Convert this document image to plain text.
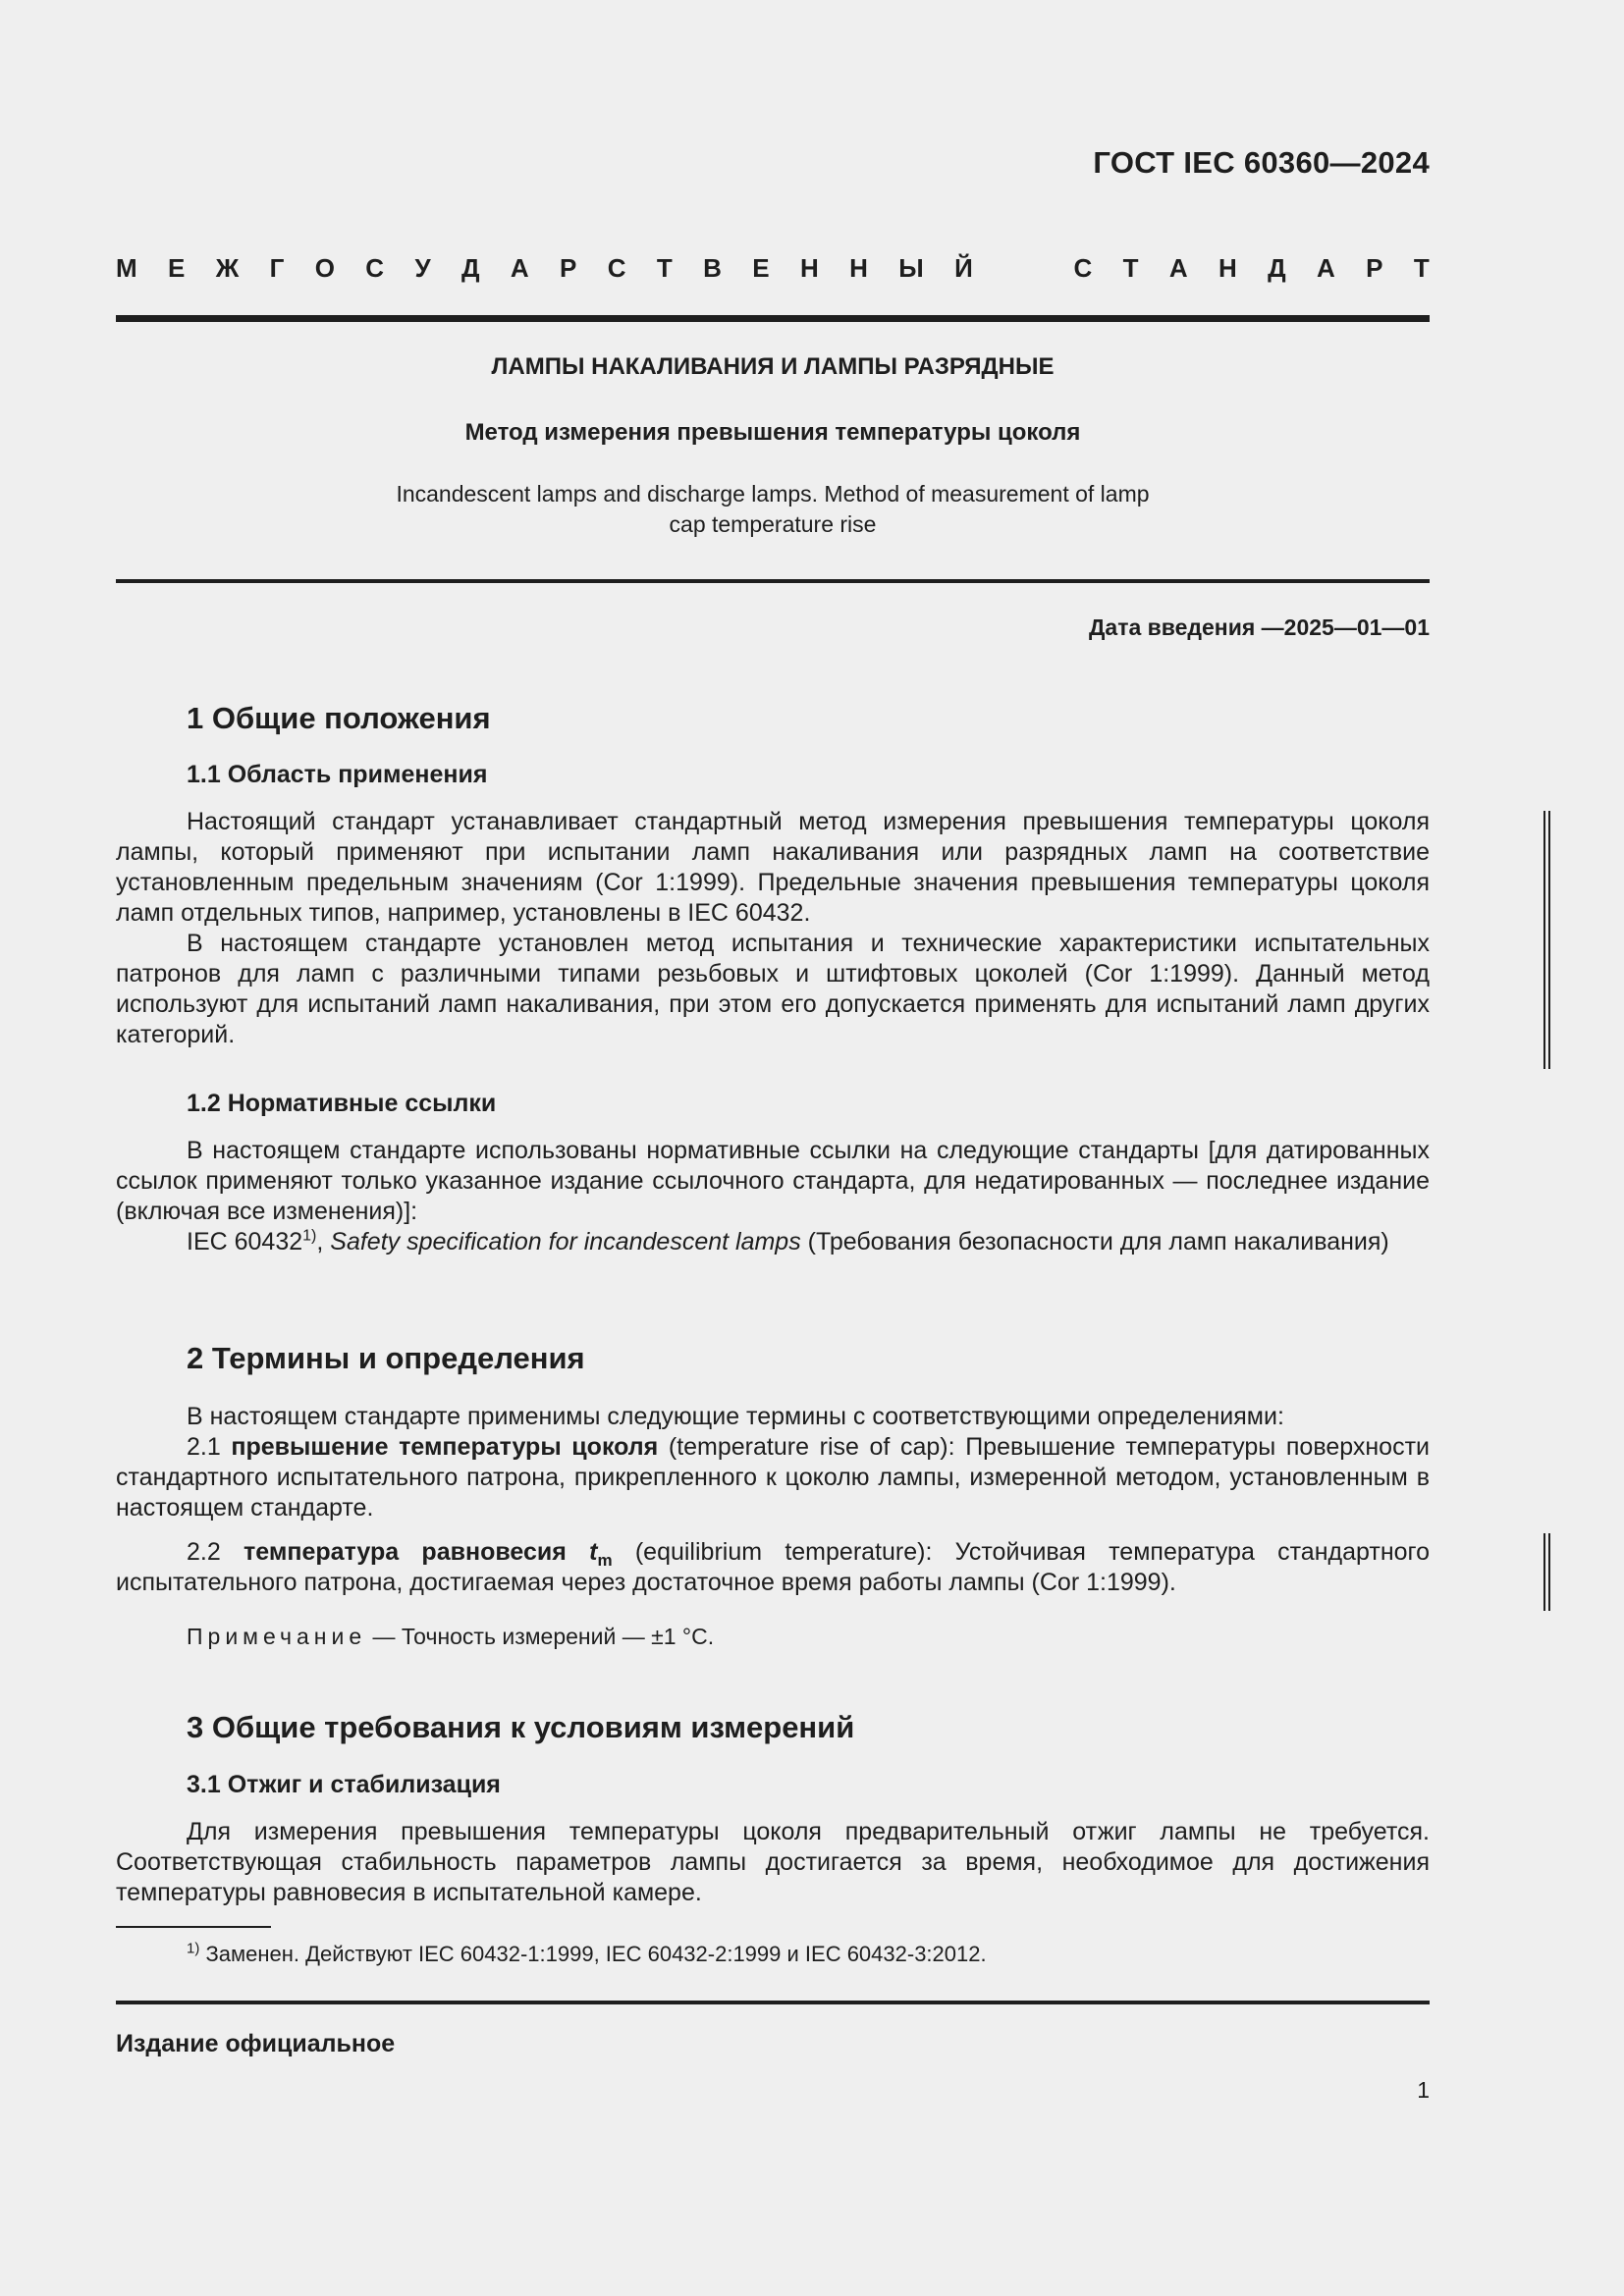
ГОСТ IEC 60360—2024
М Е Ж Г О С У Д А Р С Т В Е Н Н Ы Й	С Т А Н Д А Р Т
ЛАМПЫ НАКАЛИВАНИЯ И ЛАМПЫ РАЗРЯДНЫЕ
Метод измерения превышения температуры цоколя
Incandescent lamps and discharge lamps. Method of measurement of lamp
cap temperature rise
Дата введения —2025—01—01
1 Общие положения
1.1 Область применения
Настоящий стандарт устанавливает стандартный метод измерения превышения температуры цоколя лампы, который применяют при испытании ламп накаливания или разрядных ламп на соответствие установленным предельным значениям (Cor 1:1999). Предельные значения превышения температуры цоколя ламп отдельных типов, например, установлены в IEC 60432.
В настоящем стандарте установлен метод испытания и технические характеристики испытательных патронов для ламп с различными типами резьбовых и штифтовых цоколей (Cor 1:1999). Данный метод используют для испытаний ламп накаливания, при этом его допускается применять для испытаний ламп других категорий.
1.2 Нормативные ссылки
В настоящем стандарте использованы нормативные ссылки на следующие стандарты [для датированных ссылок применяют только указанное издание ссылочного стандарта, для недатированных — последнее издание (включая все изменения)]:
IEC 60432$^{1)}$, Safety specification for incandescent lamps (Требования безопасности для ламп накаливания)
2 Термины и определения
В настоящем стандарте применимы следующие термины с соответствующими определениями:
2.1 превышение температуры цоколя (temperature rise of cap): Превышение температуры поверхности стандартного испытательного патрона, прикрепленного к цоколю лампы, измеренной методом, установленным в настоящем стандарте.
2.2 температура равновесия $t_m$ (equilibrium temperature): Устойчивая температура стандартного испытательного патрона, достигаемая через достаточное время работы лампы (Cor 1:1999).
Примечание — Точность измерений — ±1 °C.
3 Общие требования к условиям измерений
3.1 Отжиг и стабилизация
Для измерения превышения температуры цоколя предварительный отжиг лампы не требуется. Соответствующая стабильность параметров лампы достигается за время, необходимое для достижения температуры равновесия в испытательной камере.
$^{1)}$ Заменен. Действуют IEC 60432-1:1999, IEC 60432-2:1999 и IEC 60432-3:2012.
Издание официальное
1
